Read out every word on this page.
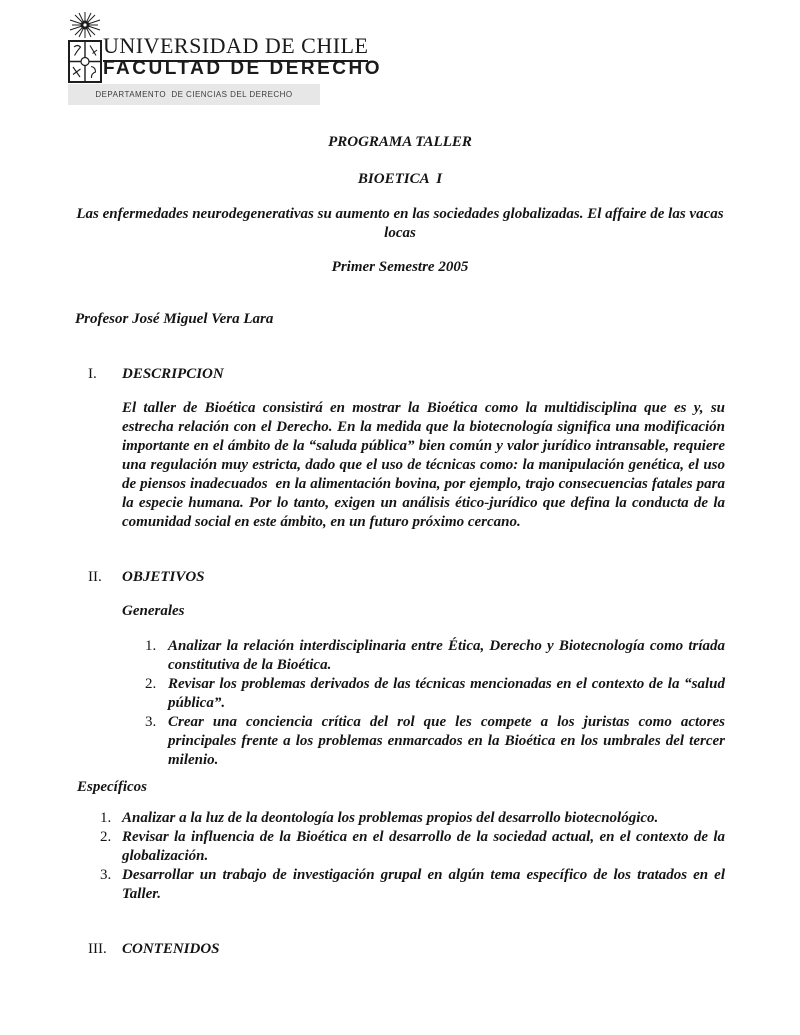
UNIVERSIDAD DE CHILE
FACULTAD DE DERECHO
DEPARTAMENTO  DE CIENCIAS DEL DERECHO

PROGRAMA TALLER

BIOETICA  I

Las enfermedades neurodegenerativas su aumento en las sociedades globalizadas. El affaire de las vacas locas

Primer Semestre 2005

Profesor José Miguel Vera Lara

I.	DESCRIPCION

El taller de Bioética consistirá en mostrar la Bioética como la multidisciplina que es y, su estrecha relación con el Derecho. En la medida que la biotecnología significa una modificación importante en el ámbito de la “saluda pública” bien común y valor jurídico intransable, requiere una regulación muy estricta, dado que el uso de técnicas como: la manipulación genética, el uso de piensos inadecuados  en la alimentación bovina, por ejemplo, trajo consecuencias fatales para la especie humana. Por lo tanto, exigen un análisis ético-jurídico que defina la conducta de la comunidad social en este ámbito, en un futuro próximo cercano.

II.	OBJETIVOS

Generales

1. Analizar la relación interdisciplinaria entre Ética, Derecho y Biotecnología como tríada constitutiva de la Bioética.
2. Revisar los problemas derivados de las técnicas mencionadas en el contexto de la “salud pública”.
3. Crear una conciencia crítica del rol que les compete a los juristas como actores principales frente a los problemas enmarcados en la Bioética en los umbrales del tercer milenio.

Específicos

1. Analizar a la luz de la deontología los problemas propios del desarrollo biotecnológico.
2. Revisar la influencia de la Bioética en el desarrollo de la sociedad actual, en el contexto de la globalización.
3. Desarrollar un trabajo de investigación grupal en algún tema específico de los tratados en el Taller.
III.	CONTENIDOS
